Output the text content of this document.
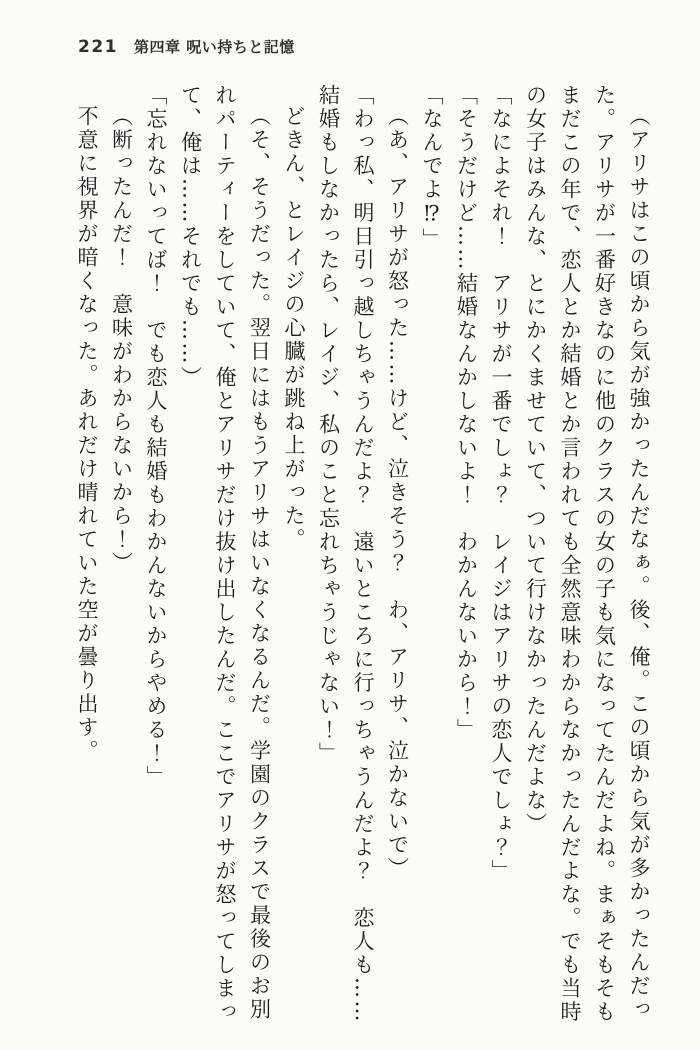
221 第四章 呪い持ちと記憶

（アリサはこの頃から気が強かったんだなぁ。後、俺。この頃から気が多かったんだった。アリサが一番好きなのに他のクラスの女の子も気になってたんだよね。まぁそもそもまだこの年で、恋人とか結婚とか言われても全然意味わからなかったんだよな。でも当時の女子はみんな、とにかくませていて、ついて行けなかったんだよな）

「なによそれ！　アリサが一番でしょ？　レイジはアリサの恋人でしょ？」

「そうだけど……結婚なんかしないよ！　わかんないから！」

「なんでよ⁉」

（あ、アリサが怒った……けど、泣きそう？　わ、アリサ、泣かないで）

「わっ私、明日引っ越しちゃうんだよ？　遠いところに行っちゃうんだよ？　恋人も……結婚もしなかったら、レイジ、私のこと忘れちゃうじゃない！」

どきん、とレイジの心臓が跳ね上がった。

（そ、そうだった。翌日にはもうアリサはいなくなるんだ。学園のクラスで最後のお別れパーティーをしていて、俺とアリサだけ抜け出したんだ。ここでアリサが怒ってしまって、俺は……それでも……）

「忘れないってば！　でも恋人も結婚もわかんないからやめる！」

（断ったんだ！　意味がわからないから！）

不意に視界が暗くなった。あれだけ晴れていた空が曇り出す。
